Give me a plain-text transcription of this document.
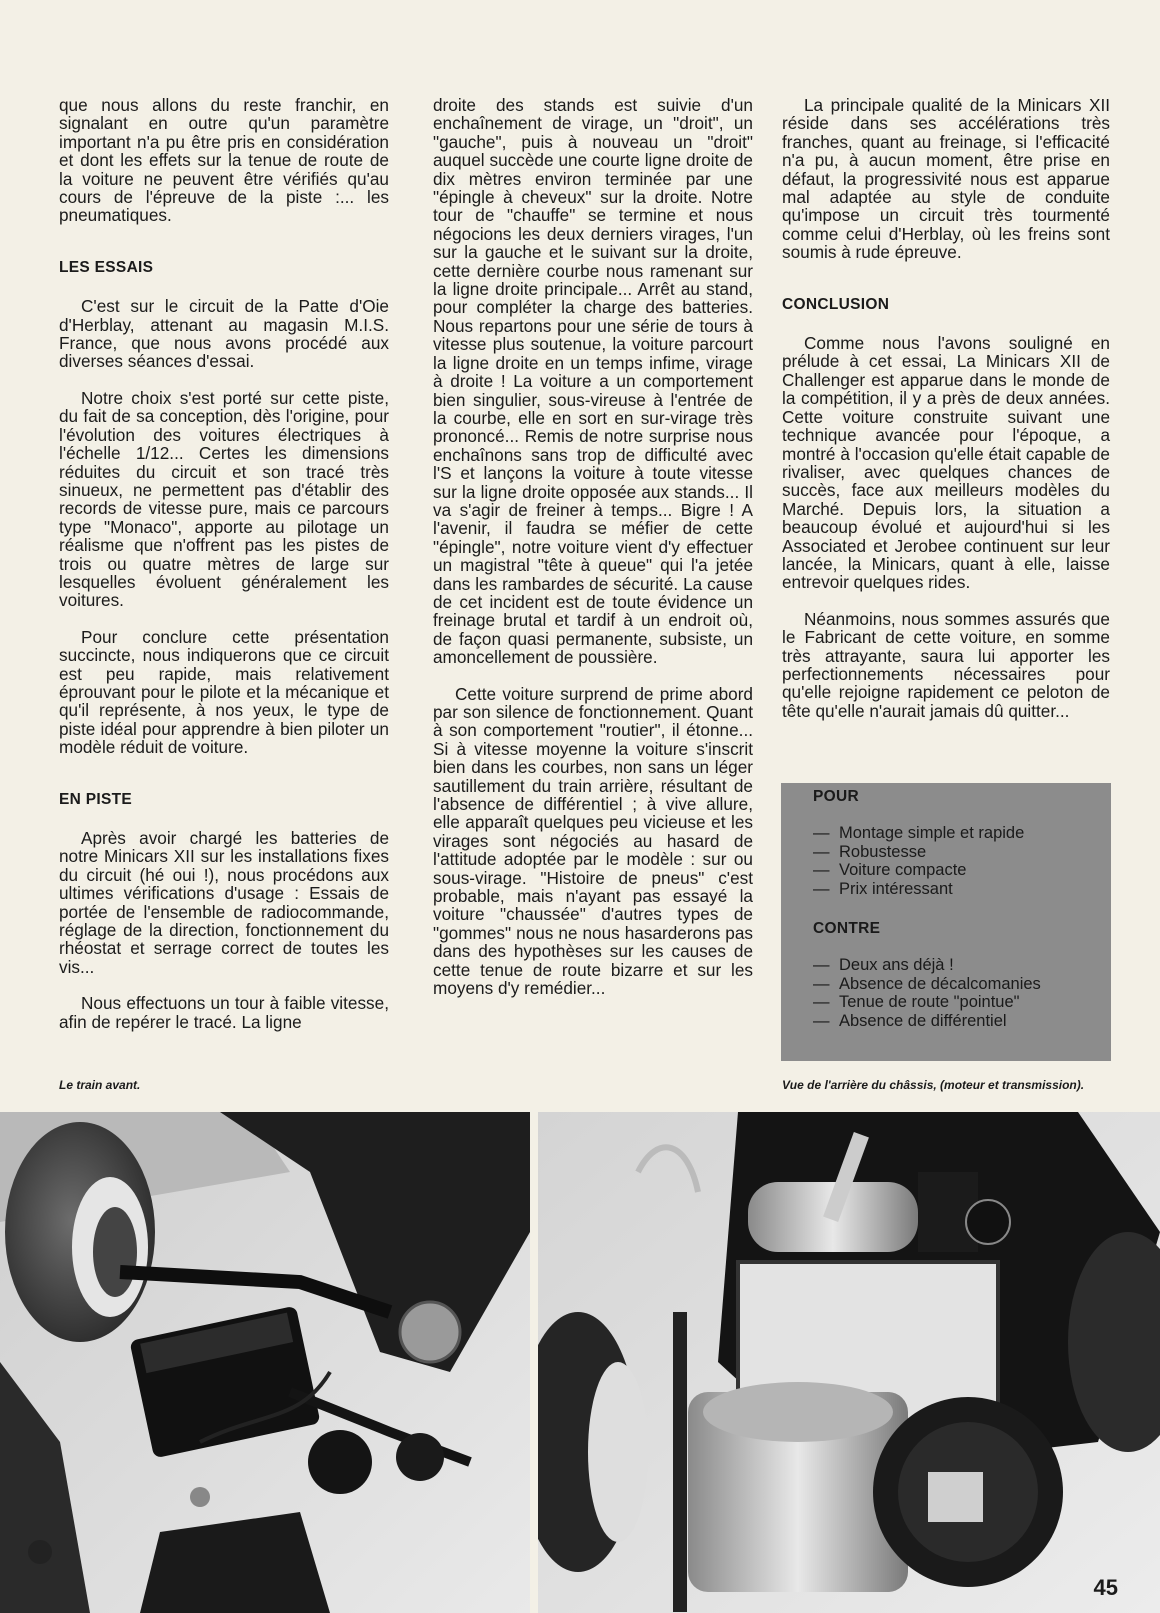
que nous allons du reste franchir, en signalant en outre qu'un paramètre important n'a pu être pris en considération et dont les effets sur la tenue de route de la voiture ne peuvent être vérifiés qu'au cours de l'épreuve de la piste :... les pneumatiques.

LES ESSAIS

C'est sur le circuit de la Patte d'Oie d'Herblay, attenant au magasin M.I.S. France, que nous avons procédé aux diverses séances d'essai.

Notre choix s'est porté sur cette piste, du fait de sa conception, dès l'origine, pour l'évolution des voitures électriques à l'échelle 1/12... Certes les dimensions réduites du circuit et son tracé très sinueux, ne permettent pas d'établir des records de vitesse pure, mais ce parcours type "Monaco", apporte au pilotage un réalisme que n'offrent pas les pistes de trois ou quatre mètres de large sur lesquelles évoluent généralement les voitures.

Pour conclure cette présentation succincte, nous indiquerons que ce circuit est peu rapide, mais relativement éprouvant pour le pilote et la mécanique et qu'il représente, à nos yeux, le type de piste idéal pour apprendre à bien piloter un modèle réduit de voiture.

EN PISTE

Après avoir chargé les batteries de notre Minicars XII sur les installations fixes du circuit (hé oui !), nous procédons aux ultimes vérifications d'usage : Essais de portée de l'ensemble de radiocommande, réglage de la direction, fonctionnement du rhéostat et serrage correct de toutes les vis...

Nous effectuons un tour à faible vitesse, afin de repérer le tracé. La ligne

droite des stands est suivie d'un enchaînement de virage, un "droit", un "gauche", puis à nouveau un "droit" auquel succède une courte ligne droite de dix mètres environ terminée par une "épingle à cheveux" sur la droite. Notre tour de "chauffe" se termine et nous négocions les deux derniers virages, l'un sur la gauche et le suivant sur la droite, cette dernière courbe nous ramenant sur la ligne droite principale... Arrêt au stand, pour compléter la charge des batteries. Nous repartons pour une série de tours à vitesse plus soutenue, la voiture parcourt la ligne droite en un temps infime, virage à droite ! La voiture a un comportement bien singulier, sous-vireuse à l'entrée de la courbe, elle en sort en sur-virage très prononcé... Remis de notre surprise nous enchaînons sans trop de difficulté avec l'S et lançons la voiture à toute vitesse sur la ligne droite opposée aux stands... Il va s'agir de freiner à temps... Bigre ! A l'avenir, il faudra se méfier de cette "épingle", notre voiture vient d'y effectuer un magistral "tête à queue" qui l'a jetée dans les rambardes de sécurité. La cause de cet incident est de toute évidence un freinage brutal et tardif à un endroit où, de façon quasi permanente, subsiste, un amoncellement de poussière.

Cette voiture surprend de prime abord par son silence de fonctionnement. Quant à son comportement "routier", il étonne... Si à vitesse moyenne la voiture s'inscrit bien dans les courbes, non sans un léger sautillement du train arrière, résultant de l'absence de différentiel ; à vive allure, elle apparaît quelques peu vicieuse et les virages sont négociés au hasard de l'attitude adoptée par le modèle : sur ou sous-virage. "Histoire de pneus" c'est probable, mais n'ayant pas essayé la voiture "chaussée" d'autres types de "gommes" nous ne nous hasarderons pas dans des hypothèses sur les causes de cette tenue de route bizarre et sur les moyens d'y remédier...

La principale qualité de la Minicars XII réside dans ses accélérations très franches, quant au freinage, si l'efficacité n'a pu, à aucun moment, être prise en défaut, la progressivité nous est apparue mal adaptée au style de conduite qu'impose un circuit très tourmenté comme celui d'Herblay, où les freins sont soumis à rude épreuve.

CONCLUSION

Comme nous l'avons souligné en prélude à cet essai, La Minicars XII de Challenger est apparue dans le monde de la compétition, il y a près de deux années. Cette voiture construite suivant une technique avancée pour l'époque, a montré à l'occasion qu'elle était capable de rivaliser, avec quelques chances de succès, face aux meilleurs modèles du Marché. Depuis lors, la situation a beaucoup évolué et aujourd'hui si les Associated et Jerobee continuent sur leur lancée, la Minicars, quant à elle, laisse entrevoir quelques rides.

Néanmoins, nous sommes assurés que le Fabricant de cette voiture, en somme très attrayante, saura lui apporter les perfectionnements nécessaires pour qu'elle rejoigne rapidement ce peloton de tête qu'elle n'aurait jamais dû quitter...

POUR
— Montage simple et rapide
— Robustesse
— Voiture compacte
— Prix intéressant
CONTRE
— Deux ans déjà !
— Absence de décalcomanies
— Tenue de route "pointue"
— Absence de différentiel
Le train avant.	Vue de l'arrière du châssis, (moteur et transmission).
45
